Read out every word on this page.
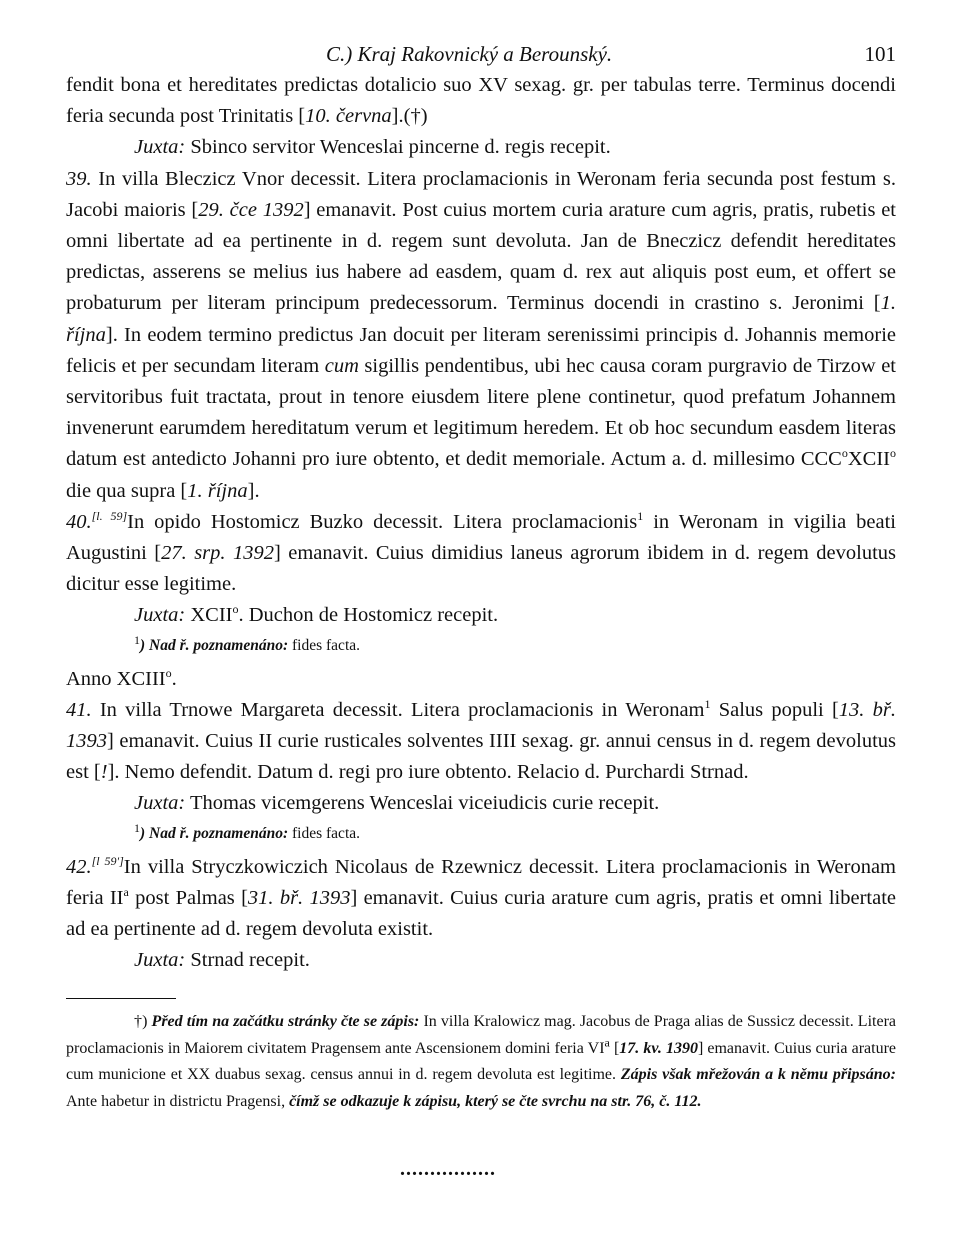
C.) Kraj Rakovnický a Berounský.	101

fendit bona et hereditates predictas dotalicio suo XV sexag. gr. per tabulas terre. Terminus docendi feria secunda post Trinitatis [10. června].(†)

Juxta: Sbinco servitor Wenceslai pincerne d. regis recepit.

39. In villa Bleczicz Vnor decessit. Litera proclamacionis in Weronam feria secunda post festum s. Jacobi maioris [29. čce 1392] emanavit. Post cuius mortem curia arature cum agris, pratis, rubetis et omni libertate ad ea pertinente in d. regem sunt devoluta. Jan de Bneczicz defendit hereditates predictas, asserens se melius ius habere ad easdem, quam d. rex aut aliquis post eum, et offert se probaturum per literam principum predecessorum. Terminus docendi in crastino s. Jeronimi [1. října]. In eodem termino predictus Jan docuit per literam serenissimi principis d. Johannis memorie felicis et per secundam literam cum sigillis pendentibus, ubi hec causa coram purgravio de Tirzow et servitoribus fuit tractata, prout in tenore eiusdem litere plene continetur, quod prefatum Johannem invenerunt earumdem hereditatum verum et legitimum heredem. Et ob hoc secundum easdem literas datum est antedicto Johanni pro iure obtento, et dedit memoriale. Actum a. d. millesimo CCC$^o$XCII$^o$ die qua supra [1. října].

40.[l. 59]In opido Hostomicz Buzko decessit. Litera proclamacionis$^1$ in Weronam in vigilia beati Augustini [27. srp. 1392] emanavit. Cuius dimidius laneus agrorum ibidem in d. regem devolutus dicitur esse legitime.

Juxta: XCII$^o$. Duchon de Hostomicz recepit.

$^1$) Nad ř. poznamenáno: fides facta.

Anno XCIII$^o$.

41. In villa Trnowe Margareta decessit. Litera proclamacionis in Weronam$^1$ Salus populi [13. bř. 1393] emanavit. Cuius II curie rusticales solventes IIII sexag. gr. annui census in d. regem devolutus est [!]. Nemo defendit. Datum d. regi pro iure obtento. Relacio d. Purchardi Strnad.

Juxta: Thomas vicemgerens Wenceslai viceiudicis curie recepit.

$^1$) Nad ř. poznamenáno: fides facta.

42.[l 59']In villa Stryczkowiczich Nicolaus de Rzewnicz decessit. Litera proclamacionis in Weronam feria $II^a$ post Palmas [31. bř. 1393] emanavit. Cuius curia arature cum agris, pratis et omni libertate ad ea pertinente ad d. regem devoluta existit.

Juxta: Strnad recepit.

†) Před tím na začátku stránky čte se zápis: In villa Kralowicz mag. Jacobus de Praga alias de Sussicz decessit. Litera proclamacionis in Maiorem civitatem Pragensem ante Ascensionem domini feria $VI^a$ [17. kv. 1390] emanavit. Cuius curia arature cum municione et XX duabus sexag. census annui in d. regem devoluta est legitime. Zápis však mřežován a k němu připsáno: Ante habetur in districtu Pragensi, čímž se odkazuje k zápisu, který se čte svrchu na str. 76, č. 112.
................
